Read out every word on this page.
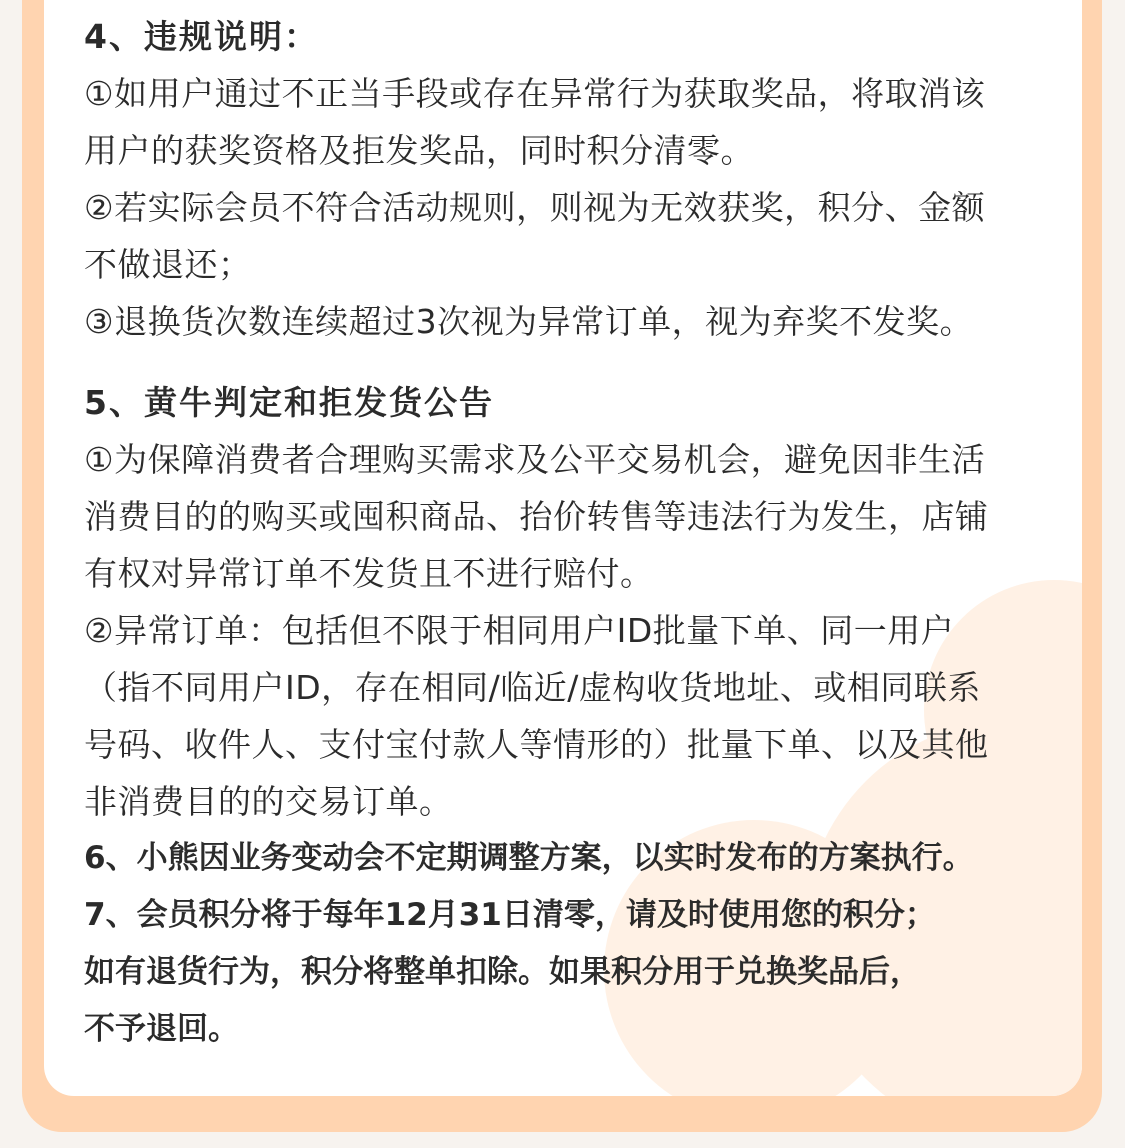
4、违规说明：

①如用户通过不正当手段或存在异常行为获取奖品，将取消该

用户的获奖资格及拒发奖品，同时积分清零。

②若实际会员不符合活动规则，则视为无效获奖，积分、金额

不做退还；

③退换货次数连续超过3次视为异常订单，视为弃奖不发奖。

5、黄牛判定和拒发货公告

①为保障消费者合理购买需求及公平交易机会，避免因非生活

消费目的的购买或囤积商品、抬价转售等违法行为发生，店铺

有权对异常订单不发货且不进行赔付。

②异常订单：包括但不限于相同用户ID批量下单、同一用户

（指不同用户ID，存在相同/临近/虚构收货地址、或相同联系

号码、收件人、支付宝付款人等情形的）批量下单、以及其他

非消费目的的交易订单。

6、小熊因业务变动会不定期调整方案，以实时发布的方案执行。

7、会员积分将于每年12月31日清零，请及时使用您的积分；

如有退货行为，积分将整单扣除。如果积分用于兑换奖品后，

不予退回。
